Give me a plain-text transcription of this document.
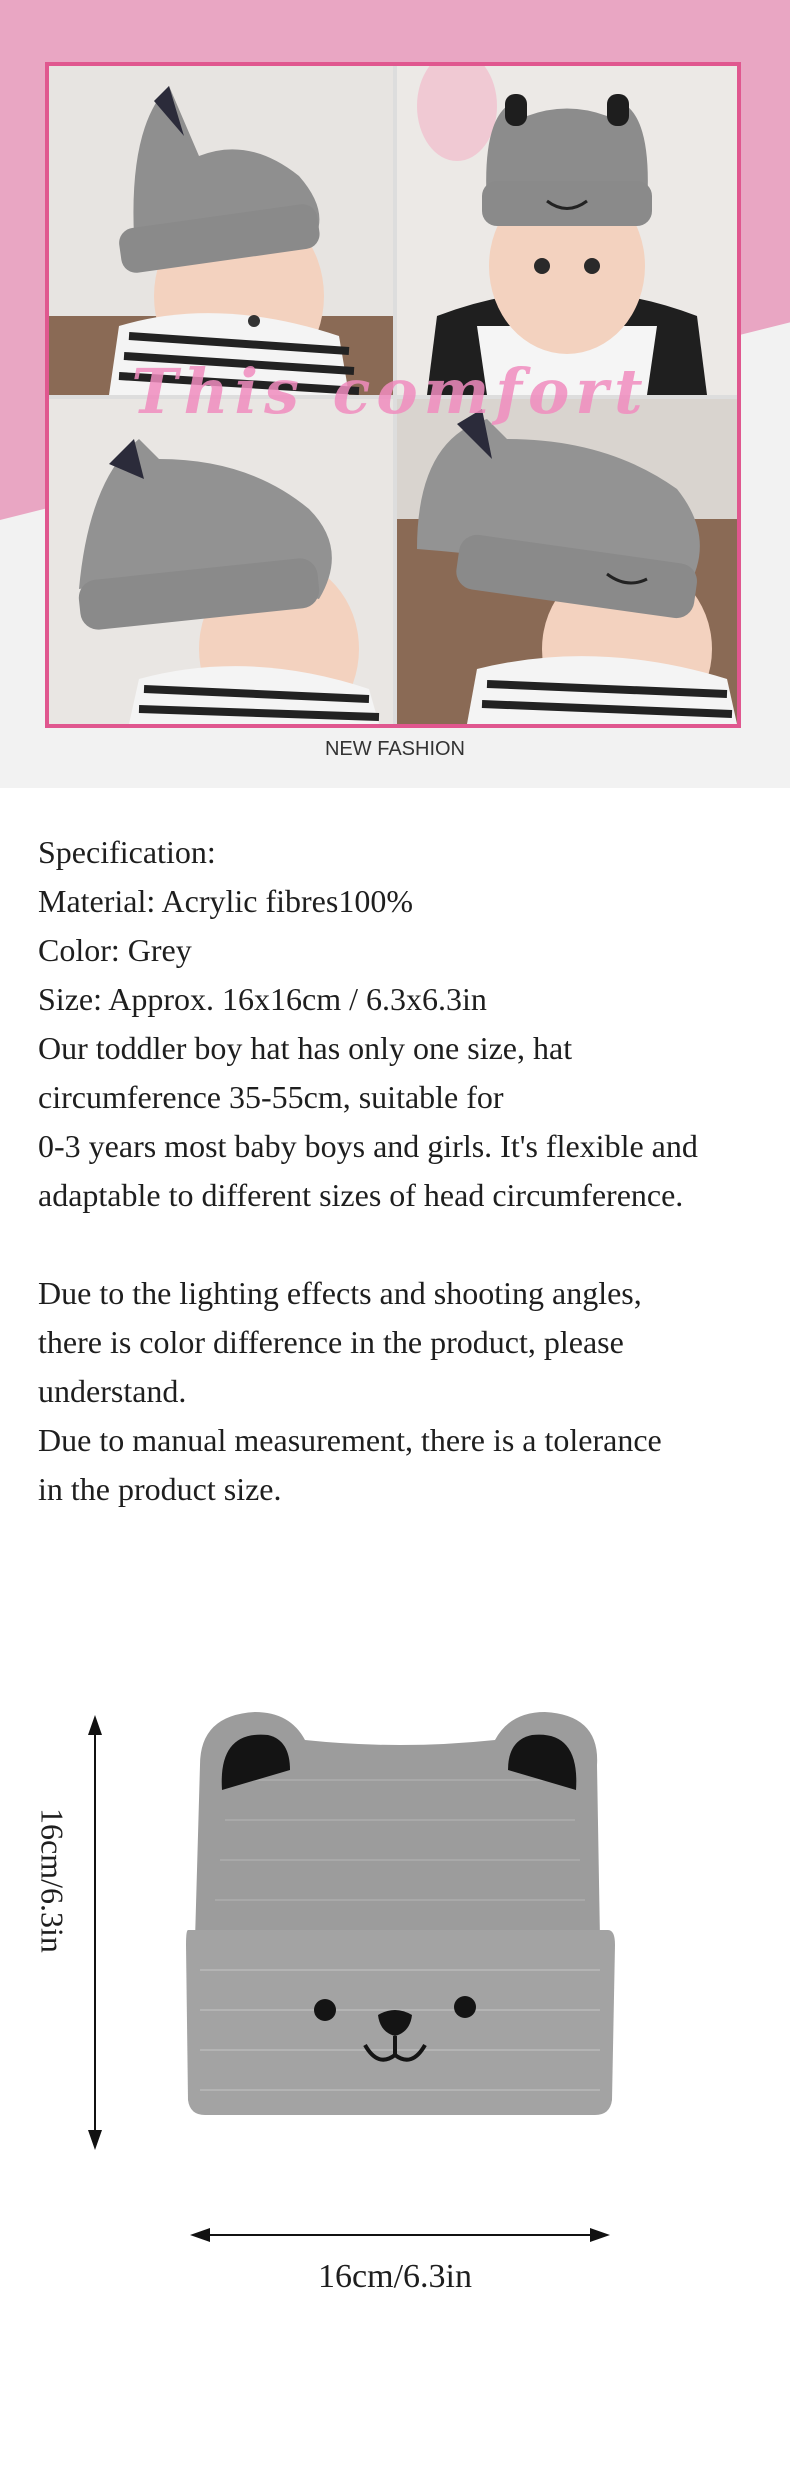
This comfort
NEW FASHION

Specification:

Material: Acrylic fibres100%

Color: Grey

Size: Approx. 16x16cm / 6.3x6.3in

Our toddler boy hat has only one size, hat

circumference 35-55cm, suitable for

0-3 years most baby boys and girls. It's flexible and

adaptable to different sizes of head circumference.

Due to the lighting effects and shooting angles,

there is color difference in the product, please

understand.

Due to manual measurement, there is a tolerance

in the product size.

16cm/6.3in
16cm/6.3in
